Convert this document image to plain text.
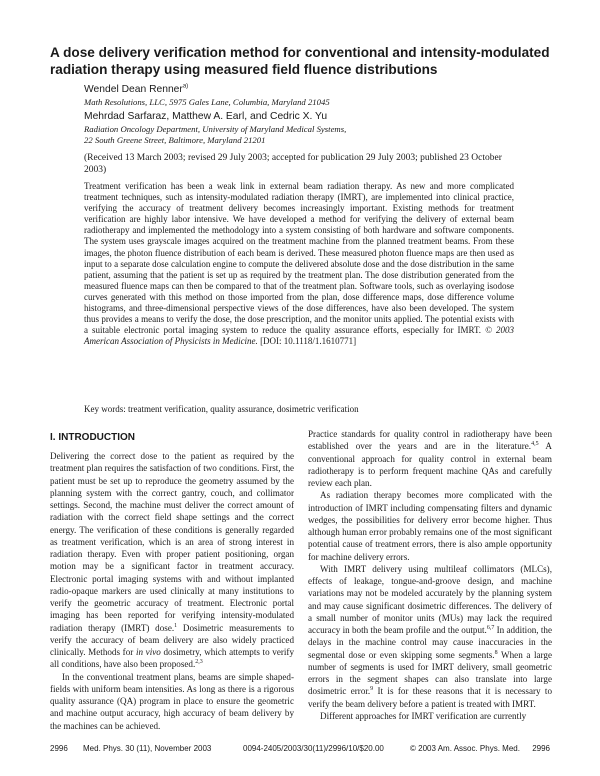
A dose delivery verification method for conventional and intensity-modulated radiation therapy using measured field fluence distributions
Wendel Dean Renner$^{a)}$
Math Resolutions, LLC, 5975 Gales Lane, Columbia, Maryland 21045
Mehrdad Sarfaraz, Matthew A. Earl, and Cedric X. Yu
Radiation Oncology Department, University of Maryland Medical Systems,
22 South Greene Street, Baltimore, Maryland 21201
(Received 13 March 2003; revised 29 July 2003; accepted for publication 29 July 2003; published 23 October 2003)
Treatment verification has been a weak link in external beam radiation therapy. As new and more complicated treatment techniques, such as intensity-modulated radiation therapy (IMRT), are implemented into clinical practice, verifying the accuracy of treatment delivery becomes increasingly important. Existing methods for treatment verification are highly labor intensive. We have developed a method for verifying the delivery of external beam radiotherapy and implemented the methodology into a system consisting of both hardware and software components. The system uses grayscale images acquired on the treatment machine from the planned treatment beams. From these images, the photon fluence distribution of each beam is derived. These measured photon fluence maps are then used as input to a separate dose calculation engine to compute the delivered absolute dose and the dose distribution in the same patient, assuming that the patient is set up as required by the treatment plan. The dose distribution generated from the measured fluence maps can then be compared to that of the treatment plan. Software tools, such as overlaying isodose curves generated with this method on those imported from the plan, dose difference maps, dose difference volume histograms, and three-dimensional perspective views of the dose differences, have also been developed. The system thus provides a means to verify the dose, the dose prescription, and the monitor units applied. The potential exists with a suitable electronic portal imaging system to reduce the quality assurance efforts, especially for IMRT. © 2003 American Association of Physicists in Medicine. [DOI: 10.1118/1.1610771]
Key words: treatment verification, quality assurance, dosimetric verification
I. INTRODUCTION

Delivering the correct dose to the patient as required by the treatment plan requires the satisfaction of two conditions. First, the patient must be set up to reproduce the geometry assumed by the planning system with the correct gantry, couch, and collimator settings. Second, the machine must deliver the correct amount of radiation with the correct field shape settings and the correct energy. The verification of these conditions is generally regarded as treatment verification, which is an area of strong interest in radiation therapy. Even with proper patient positioning, organ motion may be a significant factor in treatment accuracy. Electronic portal imaging systems with and without implanted radio-opaque markers are used clinically at many institutions to verify the geometric accuracy of treatment. Electronic portal imaging has been reported for verifying intensity-modulated radiation therapy (IMRT) dose.$^1$ Dosimetric measurements to verify the accuracy of beam delivery are also widely practiced clinically. Methods for in vivo dosimetry, which attempts to verify all conditions, have also been proposed.$^{2,3}$

In the conventional treatment plans, beams are simple shaped-fields with uniform beam intensities. As long as there is a rigorous quality assurance (QA) program in place to ensure the geometric and machine output accuracy, high accuracy of beam delivery by the machines can be achieved.

Practice standards for quality control in radiotherapy have been established over the years and are in the literature.$^{4,5}$ A conventional approach for quality control in external beam radiotherapy is to perform frequent machine QAs and carefully review each plan.

As radiation therapy becomes more complicated with the introduction of IMRT including compensating filters and dynamic wedges, the possibilities for delivery error become higher. Thus although human error probably remains one of the most significant potential cause of treatment errors, there is also ample opportunity for machine delivery errors.

With IMRT delivery using multileaf collimators (MLCs), effects of leakage, tongue-and-groove design, and machine variations may not be modeled accurately by the planning system and may cause significant dosimetric differences. The delivery of a small number of monitor units (MUs) may lack the required accuracy in both the beam profile and the output.$^{6,7}$ In addition, the delays in the machine control may cause inaccuracies in the segmental dose or even skipping some segments.$^8$ When a large number of segments is used for IMRT delivery, small geometric errors in the segment shapes can also translate into large dosimetric error.$^9$ It is for these reasons that it is necessary to verify the beam delivery before a patient is treated with IMRT.

Different approaches for IMRT verification are currently

2996 Med. Phys. 30 (11), November 2003	0094-2405/2003/30(11)/2996/10/$20.00	© 2003 Am. Assoc. Phys. Med. 2996
